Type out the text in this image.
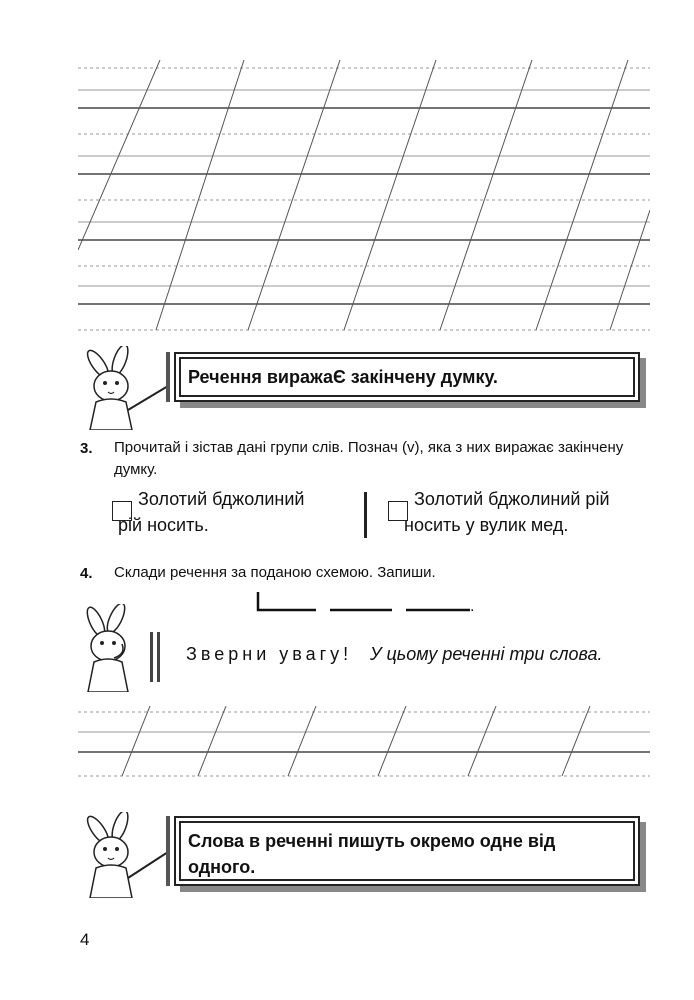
Речення виражаЄ закінчену думку.
3. Прочитай і зістав дані групи слів. Познач (v), яка з них виражає закінчену думку.
Золотий бджолиний
рій носить.
Золотий бджолиний рій
носить у вулик мед.
4. Склади речення за поданою схемою. Запиши.
.
Зверни увагу! У цьому реченні три слова.
Слова в реченні пишуть окремо одне від одного.
4
